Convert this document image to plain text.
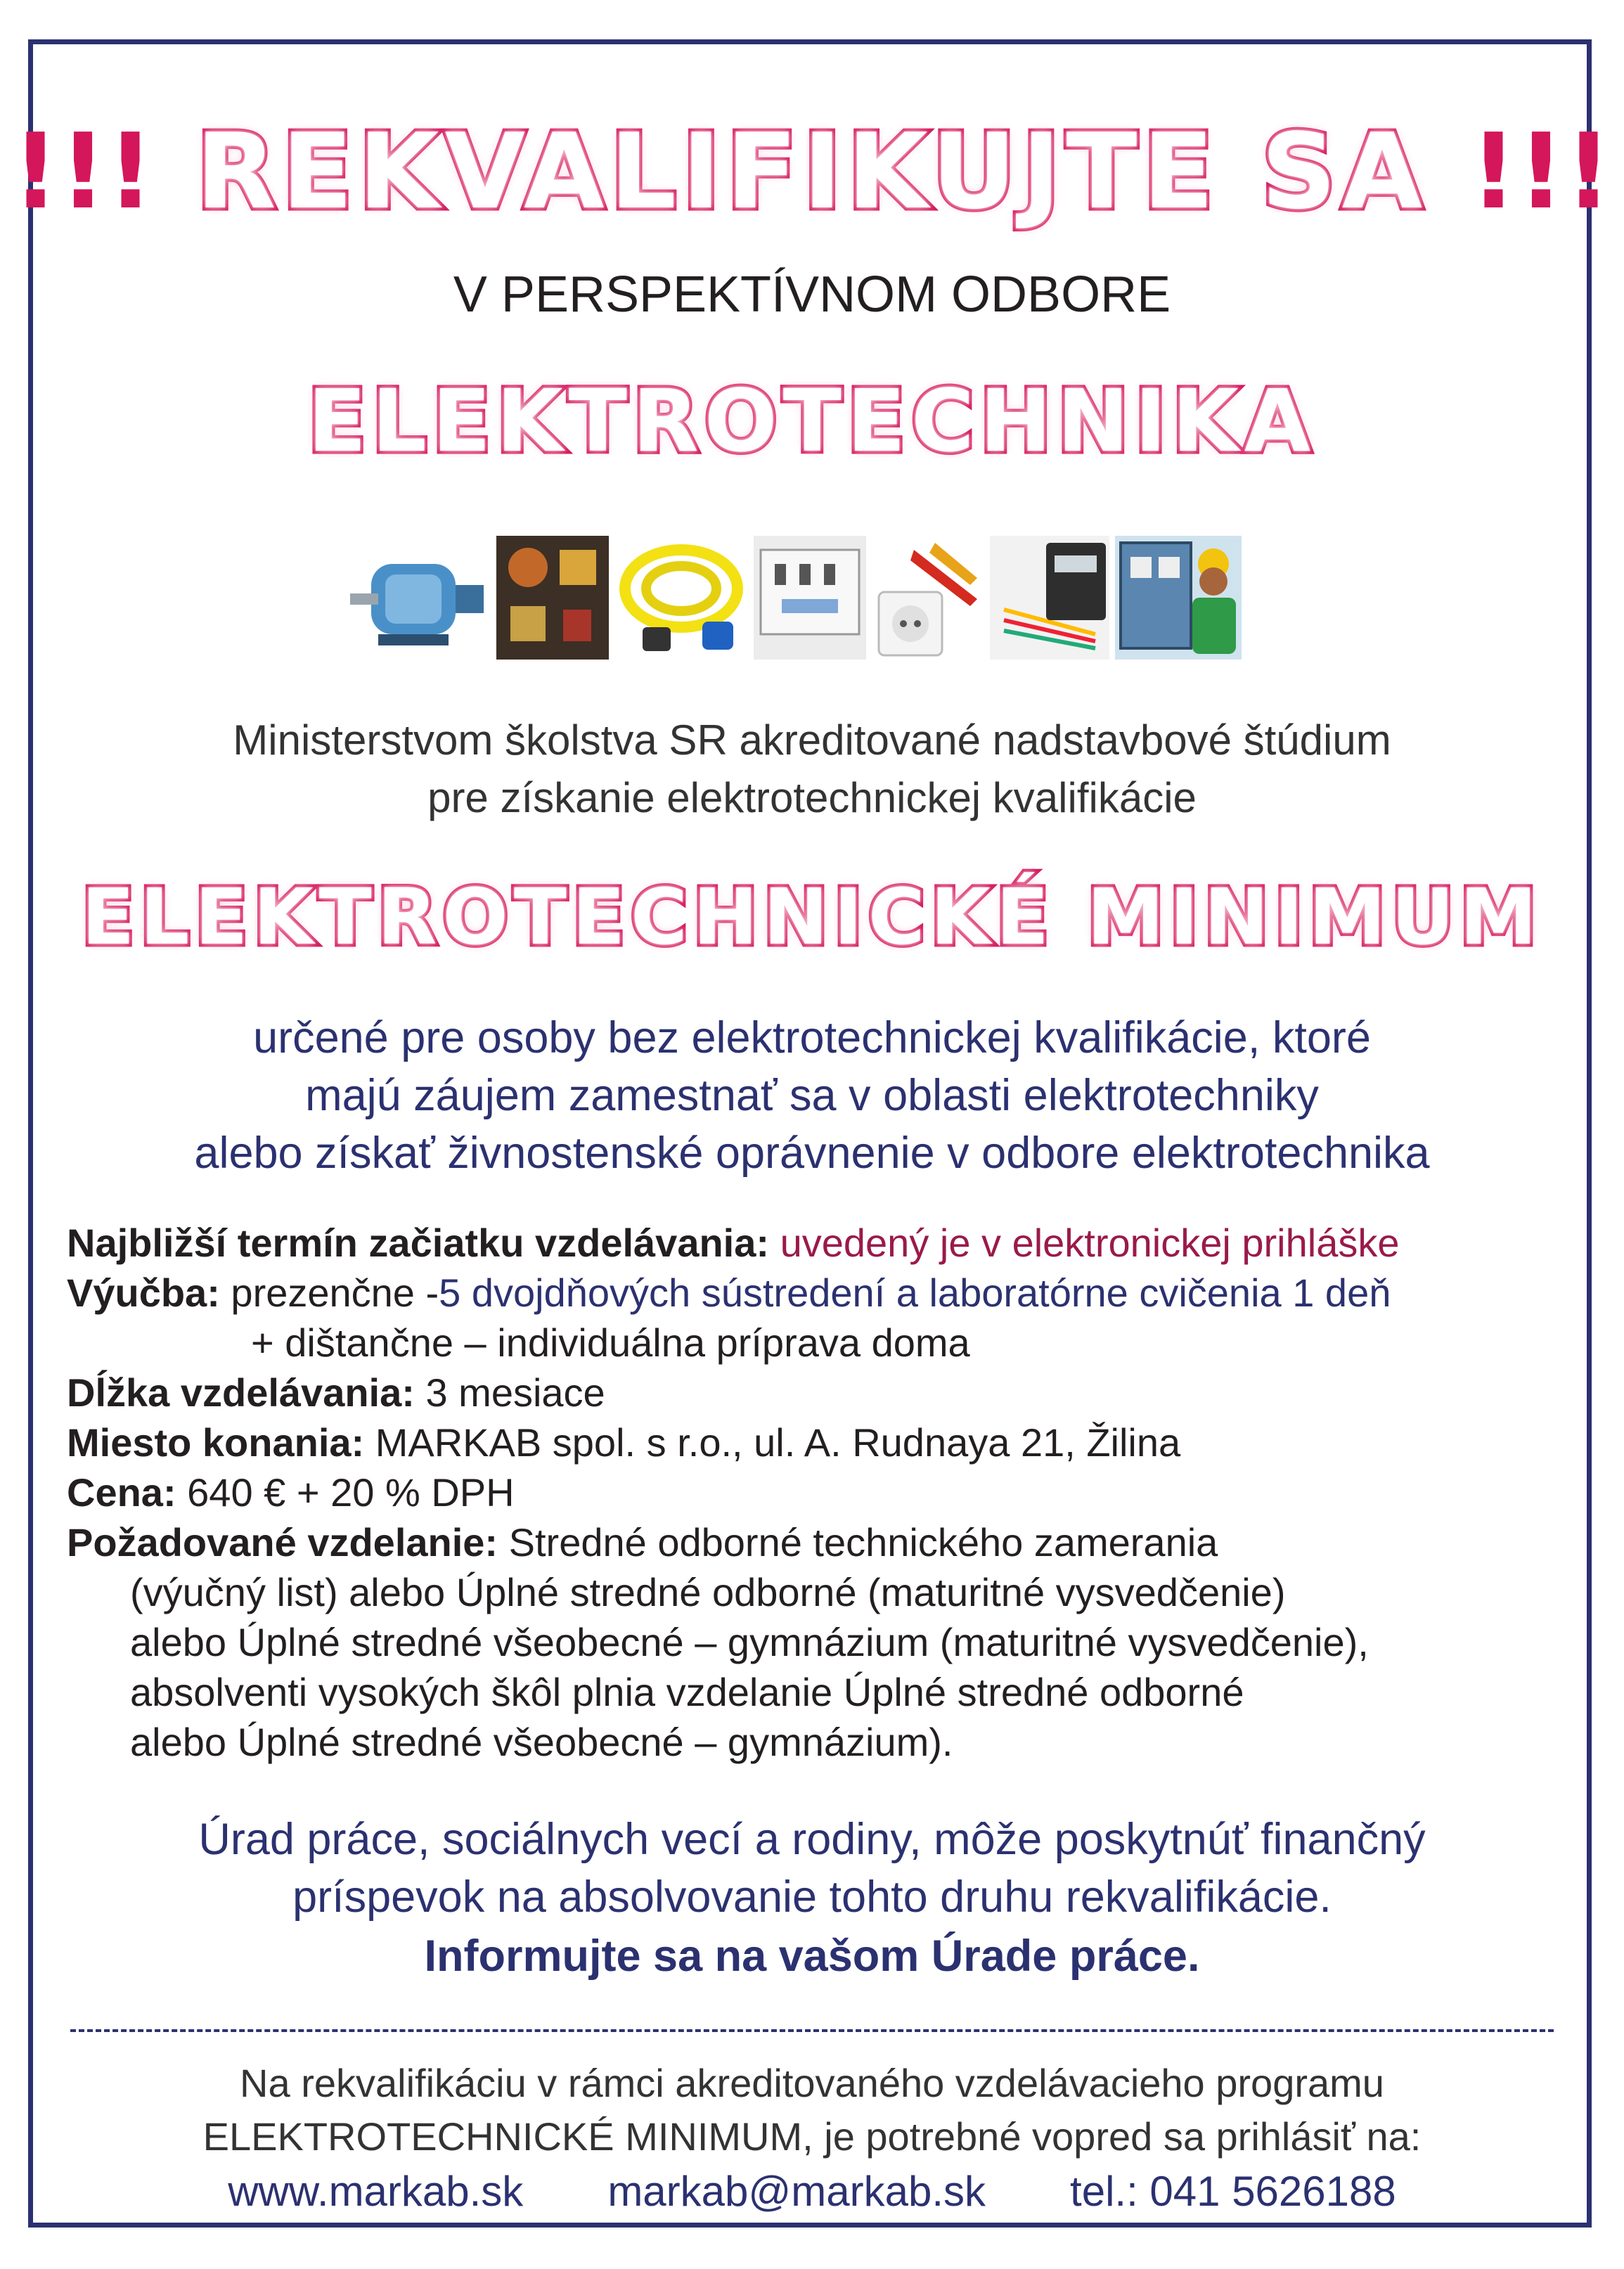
!!! REKVALIFIKUJTE SA !!!
V PERSPEKTÍVNOM ODBORE
ELEKTROTECHNIKA
Ministerstvom školstva SR akreditované nadstavbové štúdium
pre získanie elektrotechnickej kvalifikácie
ELEKTROTECHNICKÉ MINIMUM
určené pre osoby bez elektrotechnickej kvalifikácie, ktoré
majú záujem zamestnať sa v oblasti elektrotechniky
alebo získať živnostenské oprávnenie v odbore elektrotechnika
Najbližší termín začiatku vzdelávania: uvedený je v elektronickej prihláške
Výučba: prezenčne -5 dvojdňových sústredení a laboratórne cvičenia 1 deň
+ dištančne – individuálna príprava doma
Dĺžka vzdelávania: 3 mesiace
Miesto konania: MARKAB spol. s r.o., ul. A. Rudnaya 21, Žilina
Cena: 640 € + 20 % DPH
Požadované vzdelanie: Stredné odborné technického zamerania
(výučný list) alebo Úplné stredné odborné (maturitné vysvedčenie)
alebo Úplné stredné všeobecné – gymnázium (maturitné vysvedčenie),
absolventi vysokých škôl plnia vzdelanie Úplné stredné odborné
alebo Úplné stredné všeobecné – gymnázium).
Úrad práce, sociálnych vecí a rodiny, môže poskytnúť finančný
príspevok na absolvovanie tohto druhu rekvalifikácie.
Informujte sa na vašom Úrade práce.
Na rekvalifikáciu v rámci akreditovaného vzdelávacieho programu
ELEKTROTECHNICKÉ MINIMUM, je potrebné vopred sa prihlásiť na:
www.markab.sk markab@markab.sk tel.: 041 5626188
